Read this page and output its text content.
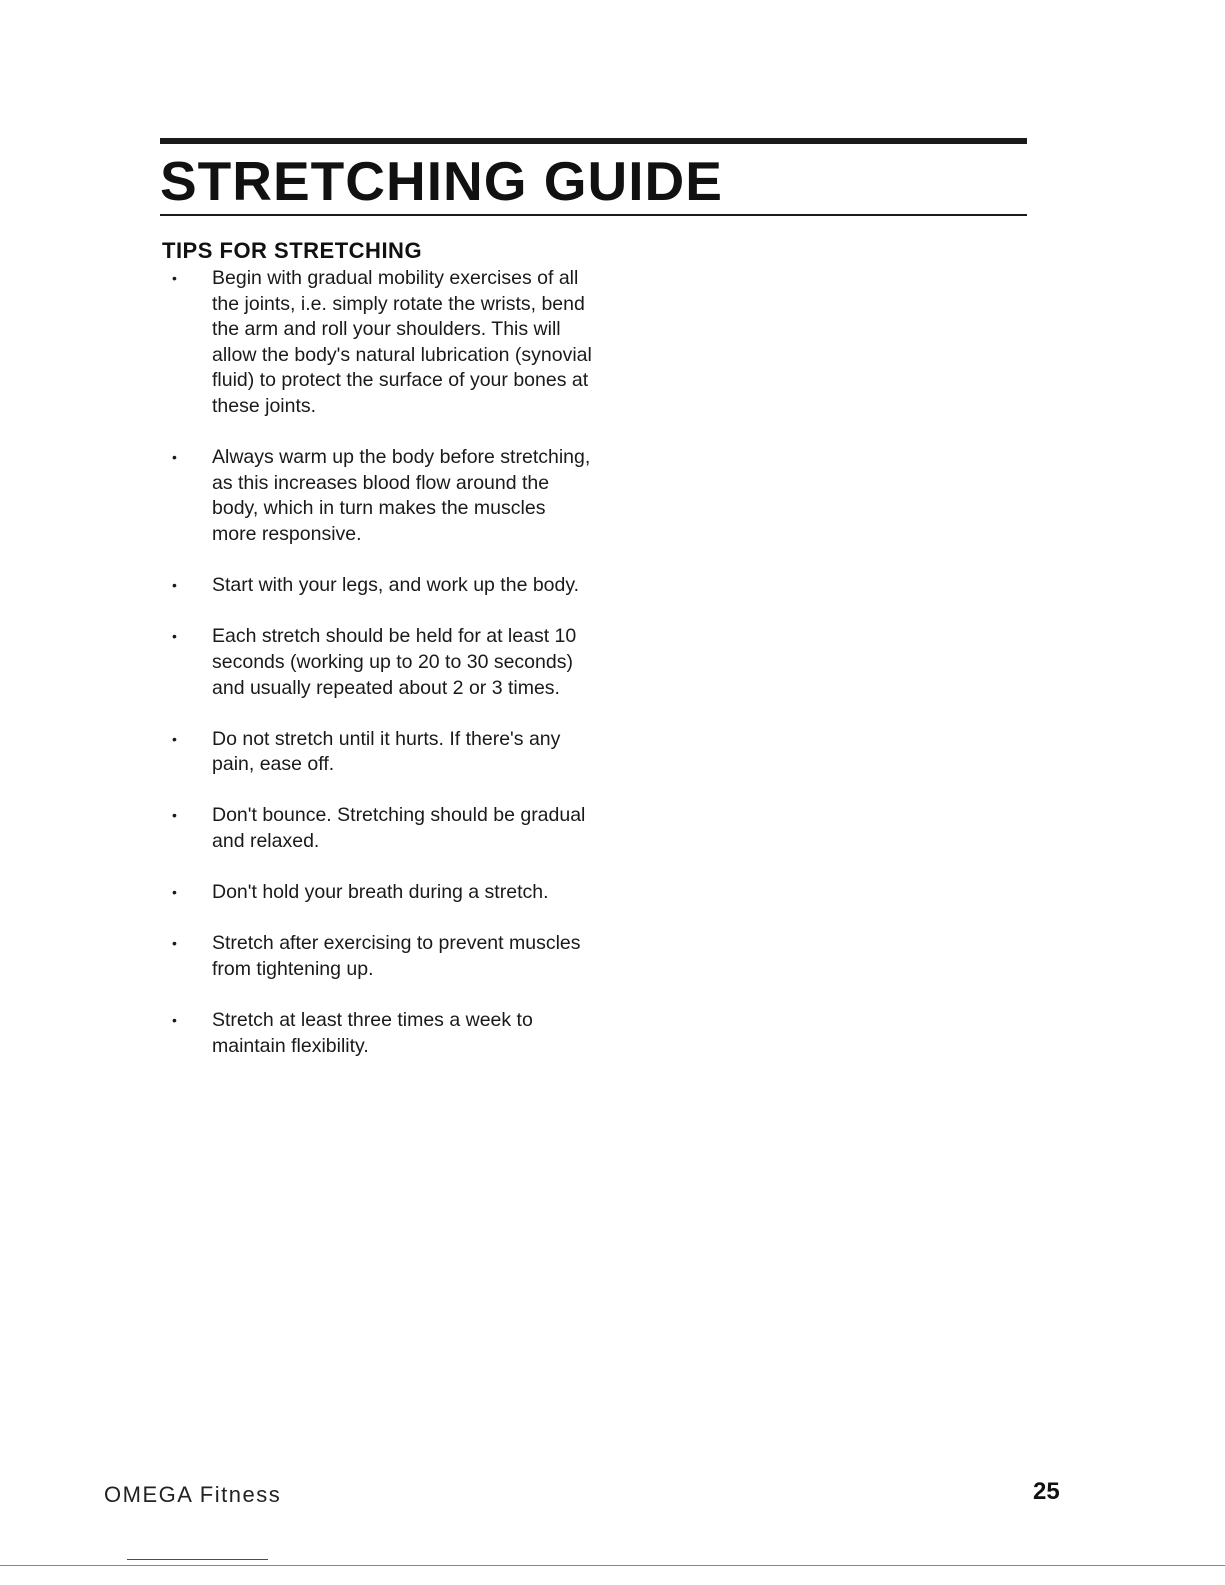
STRETCHING GUIDE
TIPS FOR STRETCHING
• Begin with gradual mobility exercises of all the joints, i.e. simply rotate the wrists, bend the arm and roll your shoulders. This will allow the body's natural lubrication (synovial fluid) to protect the surface of your bones at these joints.
• Always warm up the body before stretching, as this increases blood flow around the body, which in turn makes the muscles more responsive.
• Start with your legs, and work up the body.
• Each stretch should be held for at least 10 seconds (working up to 20 to 30 seconds) and usually repeated about 2 or 3 times.
• Do not stretch until it hurts. If there's any pain, ease off.
• Don't bounce. Stretching should be gradual and relaxed.
• Don't hold your breath during a stretch.
• Stretch after exercising to prevent muscles from tightening up.
• Stretch at least three times a week to maintain flexibility.
OMEGA Fitness	25
